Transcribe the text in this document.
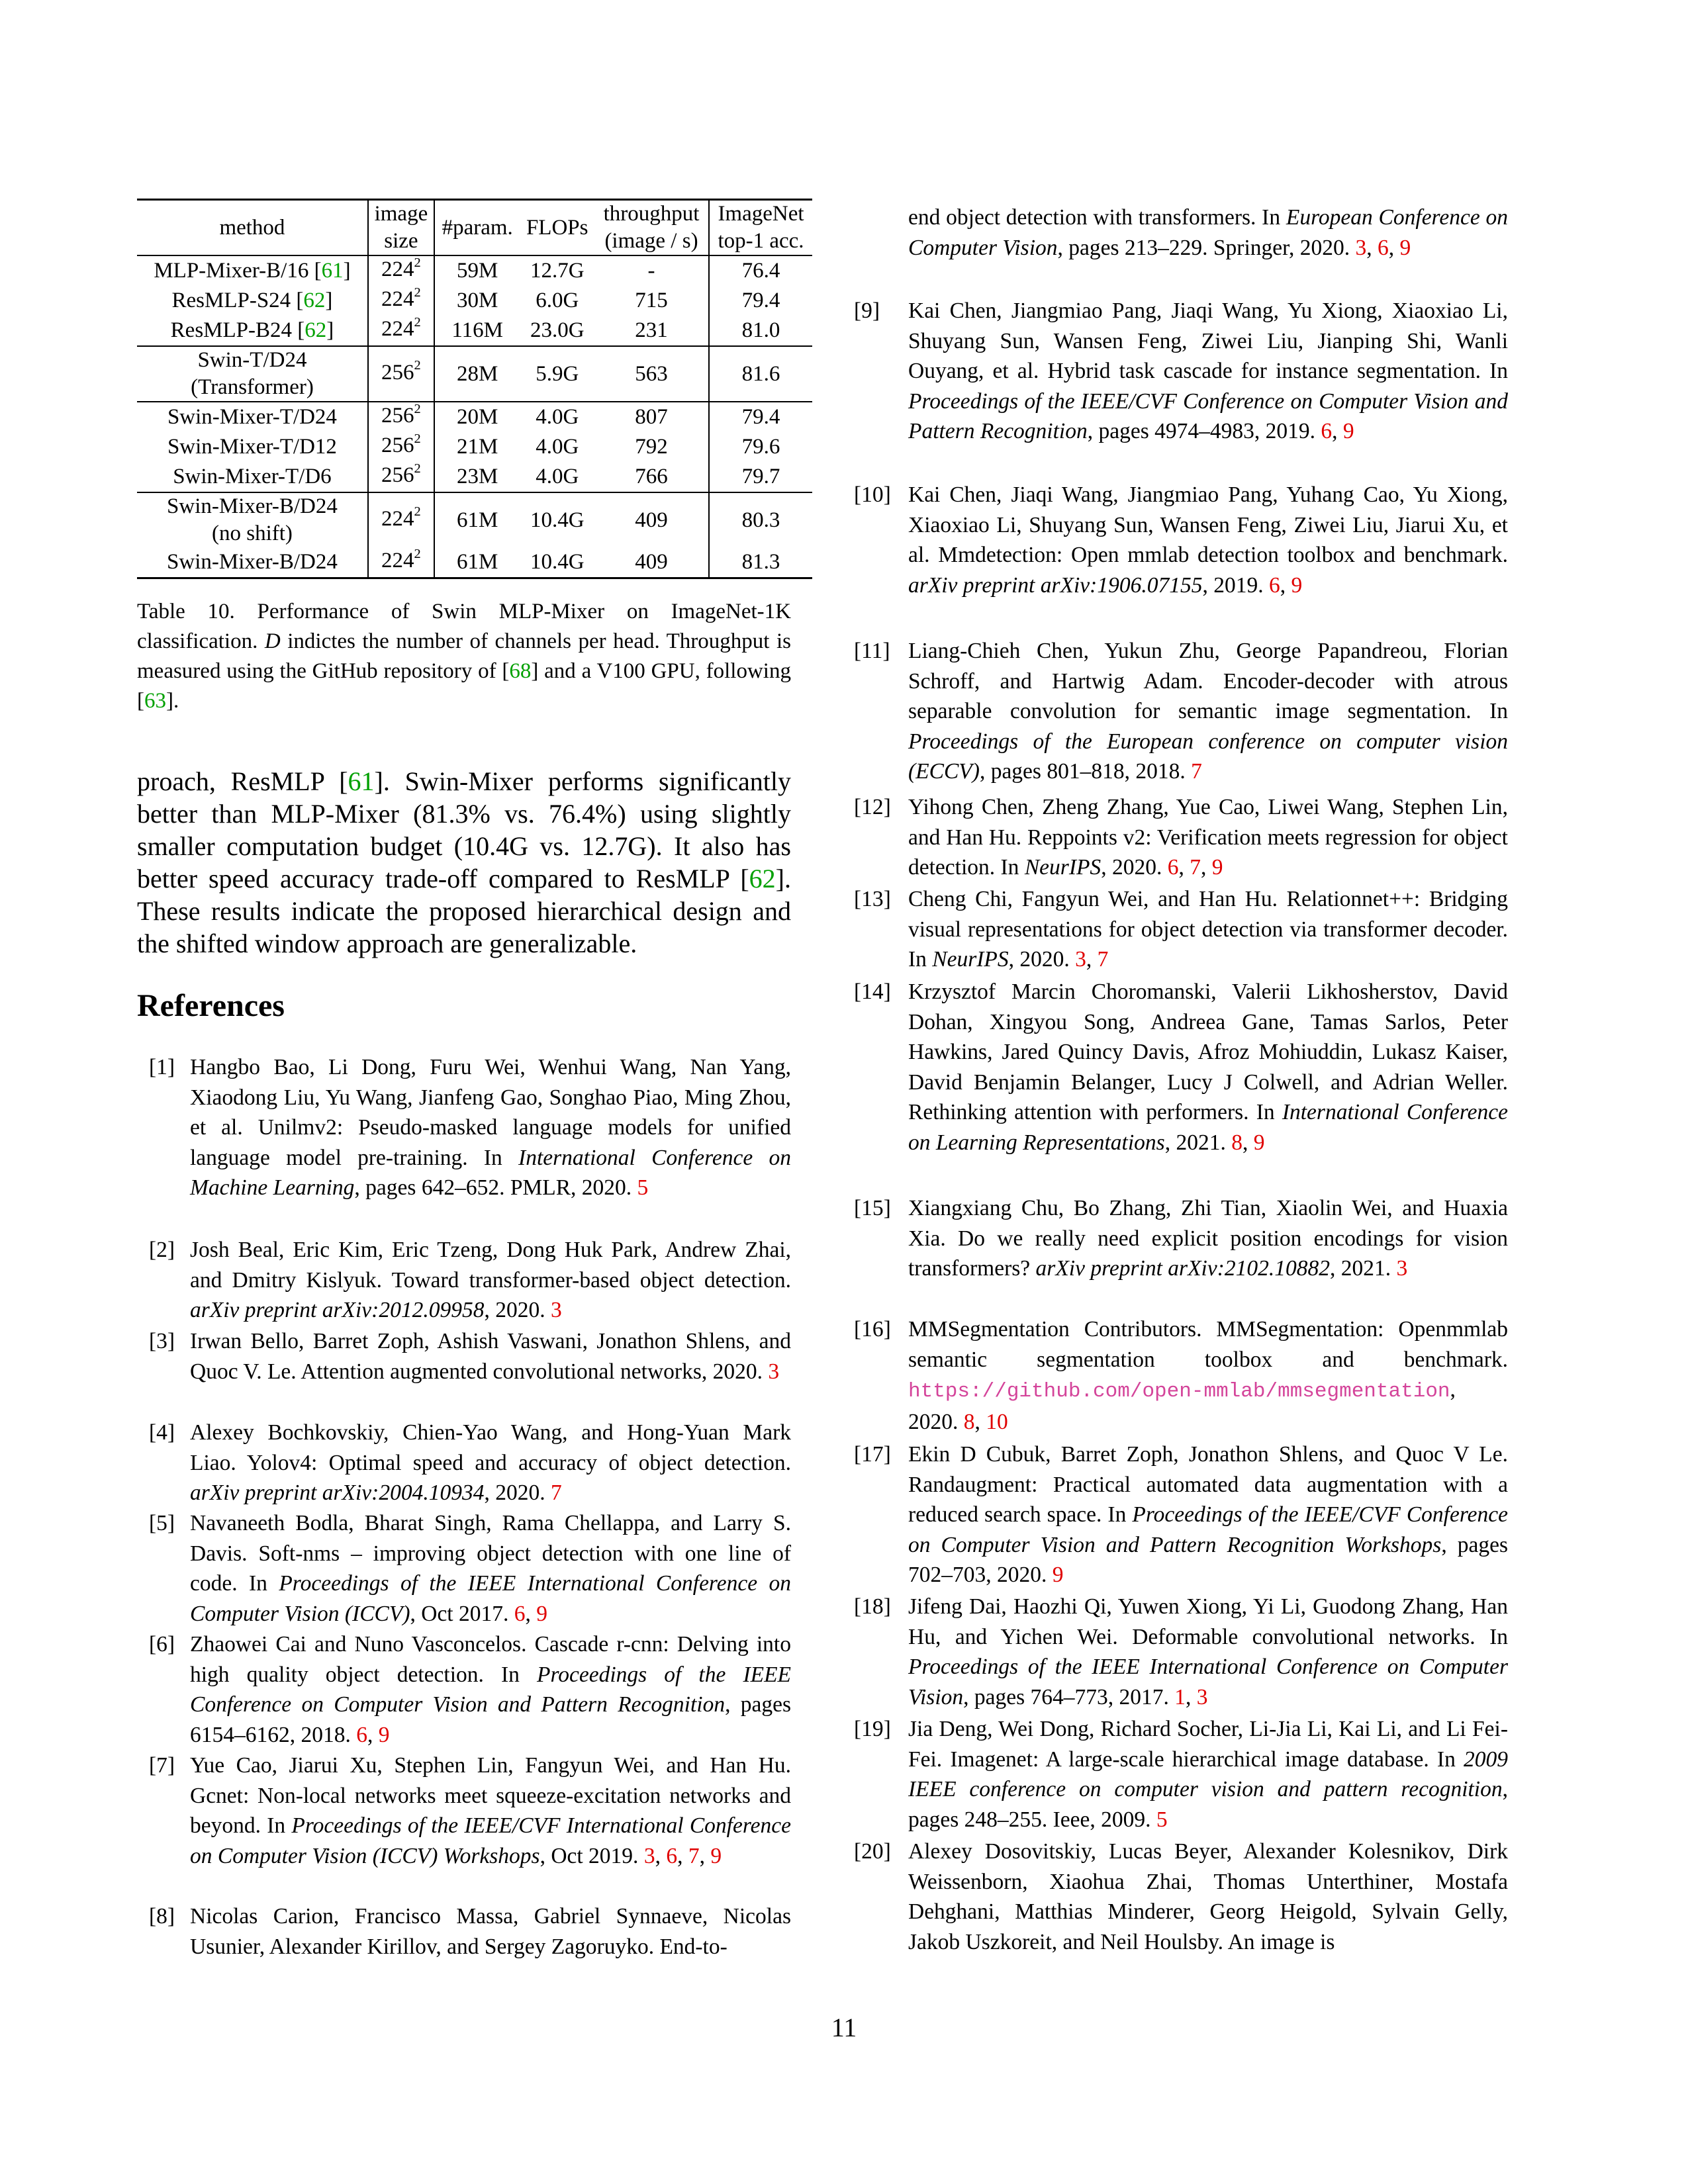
method	image	#param.	FLOPs	throughput	ImageNet
	size			(image / s)	top-1 acc.
MLP-Mixer-B/16 [61]	$224^2$	59M	12.7G	-	76.4
ResMLP-S24 [62]	$224^2$	30M	6.0G	715	79.4
ResMLP-B24 [62]	$224^2$	116M	23.0G	231	81.0
Swin-T/D24
(Transformer)	$256^2$	28M	5.9G	563	81.6
Swin-Mixer-T/D24	$256^2$	20M	4.0G	807	79.4
Swin-Mixer-T/D12	$256^2$	21M	4.0G	792	79.6
Swin-Mixer-T/D6	$256^2$	23M	4.0G	766	79.7
Swin-Mixer-B/D24
(no shift)	$224^2$	61M	10.4G	409	80.3
Swin-Mixer-B/D24	$224^2$	61M	10.4G	409	81.3
Table 10. Performance of Swin MLP-Mixer on ImageNet-1K classification. D indictes the number of channels per head. Throughput is measured using the GitHub repository of [68] and a V100 GPU, following [63].
proach, ResMLP [61]. Swin-Mixer performs significantly better than MLP-Mixer (81.3% vs. 76.4%) using slightly smaller computation budget (10.4G vs. 12.7G). It also has better speed accuracy trade-off compared to ResMLP [62]. These results indicate the proposed hierarchical design and the shifted window approach are generalizable.
References
[1] Hangbo Bao, Li Dong, Furu Wei, Wenhui Wang, Nan Yang, Xiaodong Liu, Yu Wang, Jianfeng Gao, Songhao Piao, Ming Zhou, et al. Unilmv2: Pseudo-masked language models for unified language model pre-training. In International Conference on Machine Learning, pages 642–652. PMLR, 2020. 5
[2] Josh Beal, Eric Kim, Eric Tzeng, Dong Huk Park, Andrew Zhai, and Dmitry Kislyuk. Toward transformer-based object detection. arXiv preprint arXiv:2012.09958, 2020. 3
[3] Irwan Bello, Barret Zoph, Ashish Vaswani, Jonathon Shlens, and Quoc V. Le. Attention augmented convolutional networks, 2020. 3
[4] Alexey Bochkovskiy, Chien-Yao Wang, and Hong-Yuan Mark Liao. Yolov4: Optimal speed and accuracy of object detection. arXiv preprint arXiv:2004.10934, 2020. 7
[5] Navaneeth Bodla, Bharat Singh, Rama Chellappa, and Larry S. Davis. Soft-nms – improving object detection with one line of code. In Proceedings of the IEEE International Conference on Computer Vision (ICCV), Oct 2017. 6, 9
[6] Zhaowei Cai and Nuno Vasconcelos. Cascade r-cnn: Delving into high quality object detection. In Proceedings of the IEEE Conference on Computer Vision and Pattern Recognition, pages 6154–6162, 2018. 6, 9
[7] Yue Cao, Jiarui Xu, Stephen Lin, Fangyun Wei, and Han Hu. Gcnet: Non-local networks meet squeeze-excitation networks and beyond. In Proceedings of the IEEE/CVF International Conference on Computer Vision (ICCV) Workshops, Oct 2019. 3, 6, 7, 9
[8] Nicolas Carion, Francisco Massa, Gabriel Synnaeve, Nicolas Usunier, Alexander Kirillov, and Sergey Zagoruyko. End-to-
end object detection with transformers. In European Conference on Computer Vision, pages 213–229. Springer, 2020. 3, 6, 9
[9] Kai Chen, Jiangmiao Pang, Jiaqi Wang, Yu Xiong, Xiaoxiao Li, Shuyang Sun, Wansen Feng, Ziwei Liu, Jianping Shi, Wanli Ouyang, et al. Hybrid task cascade for instance segmentation. In Proceedings of the IEEE/CVF Conference on Computer Vision and Pattern Recognition, pages 4974–4983, 2019. 6, 9
[10] Kai Chen, Jiaqi Wang, Jiangmiao Pang, Yuhang Cao, Yu Xiong, Xiaoxiao Li, Shuyang Sun, Wansen Feng, Ziwei Liu, Jiarui Xu, et al. Mmdetection: Open mmlab detection toolbox and benchmark. arXiv preprint arXiv:1906.07155, 2019. 6, 9
[11] Liang-Chieh Chen, Yukun Zhu, George Papandreou, Florian Schroff, and Hartwig Adam. Encoder-decoder with atrous separable convolution for semantic image segmentation. In Proceedings of the European conference on computer vision (ECCV), pages 801–818, 2018. 7
[12] Yihong Chen, Zheng Zhang, Yue Cao, Liwei Wang, Stephen Lin, and Han Hu. Reppoints v2: Verification meets regression for object detection. In NeurIPS, 2020. 6, 7, 9
[13] Cheng Chi, Fangyun Wei, and Han Hu. Relationnet++: Bridging visual representations for object detection via transformer decoder. In NeurIPS, 2020. 3, 7
[14] Krzysztof Marcin Choromanski, Valerii Likhosherstov, David Dohan, Xingyou Song, Andreea Gane, Tamas Sarlos, Peter Hawkins, Jared Quincy Davis, Afroz Mohiuddin, Lukasz Kaiser, David Benjamin Belanger, Lucy J Colwell, and Adrian Weller. Rethinking attention with performers. In International Conference on Learning Representations, 2021. 8, 9
[15] Xiangxiang Chu, Bo Zhang, Zhi Tian, Xiaolin Wei, and Huaxia Xia. Do we really need explicit position encodings for vision transformers? arXiv preprint arXiv:2102.10882, 2021. 3
[16] MMSegmentation Contributors. MMSegmentation: Openmmlab semantic segmentation toolbox and benchmark. https://github.com/open-mmlab/mmsegmentation, 2020. 8, 10
[17] Ekin D Cubuk, Barret Zoph, Jonathon Shlens, and Quoc V Le. Randaugment: Practical automated data augmentation with a reduced search space. In Proceedings of the IEEE/CVF Conference on Computer Vision and Pattern Recognition Workshops, pages 702–703, 2020. 9
[18] Jifeng Dai, Haozhi Qi, Yuwen Xiong, Yi Li, Guodong Zhang, Han Hu, and Yichen Wei. Deformable convolutional networks. In Proceedings of the IEEE International Conference on Computer Vision, pages 764–773, 2017. 1, 3
[19] Jia Deng, Wei Dong, Richard Socher, Li-Jia Li, Kai Li, and Li Fei-Fei. Imagenet: A large-scale hierarchical image database. In 2009 IEEE conference on computer vision and pattern recognition, pages 248–255. Ieee, 2009. 5
[20] Alexey Dosovitskiy, Lucas Beyer, Alexander Kolesnikov, Dirk Weissenborn, Xiaohua Zhai, Thomas Unterthiner, Mostafa Dehghani, Matthias Minderer, Georg Heigold, Sylvain Gelly, Jakob Uszkoreit, and Neil Houlsby. An image is
11
